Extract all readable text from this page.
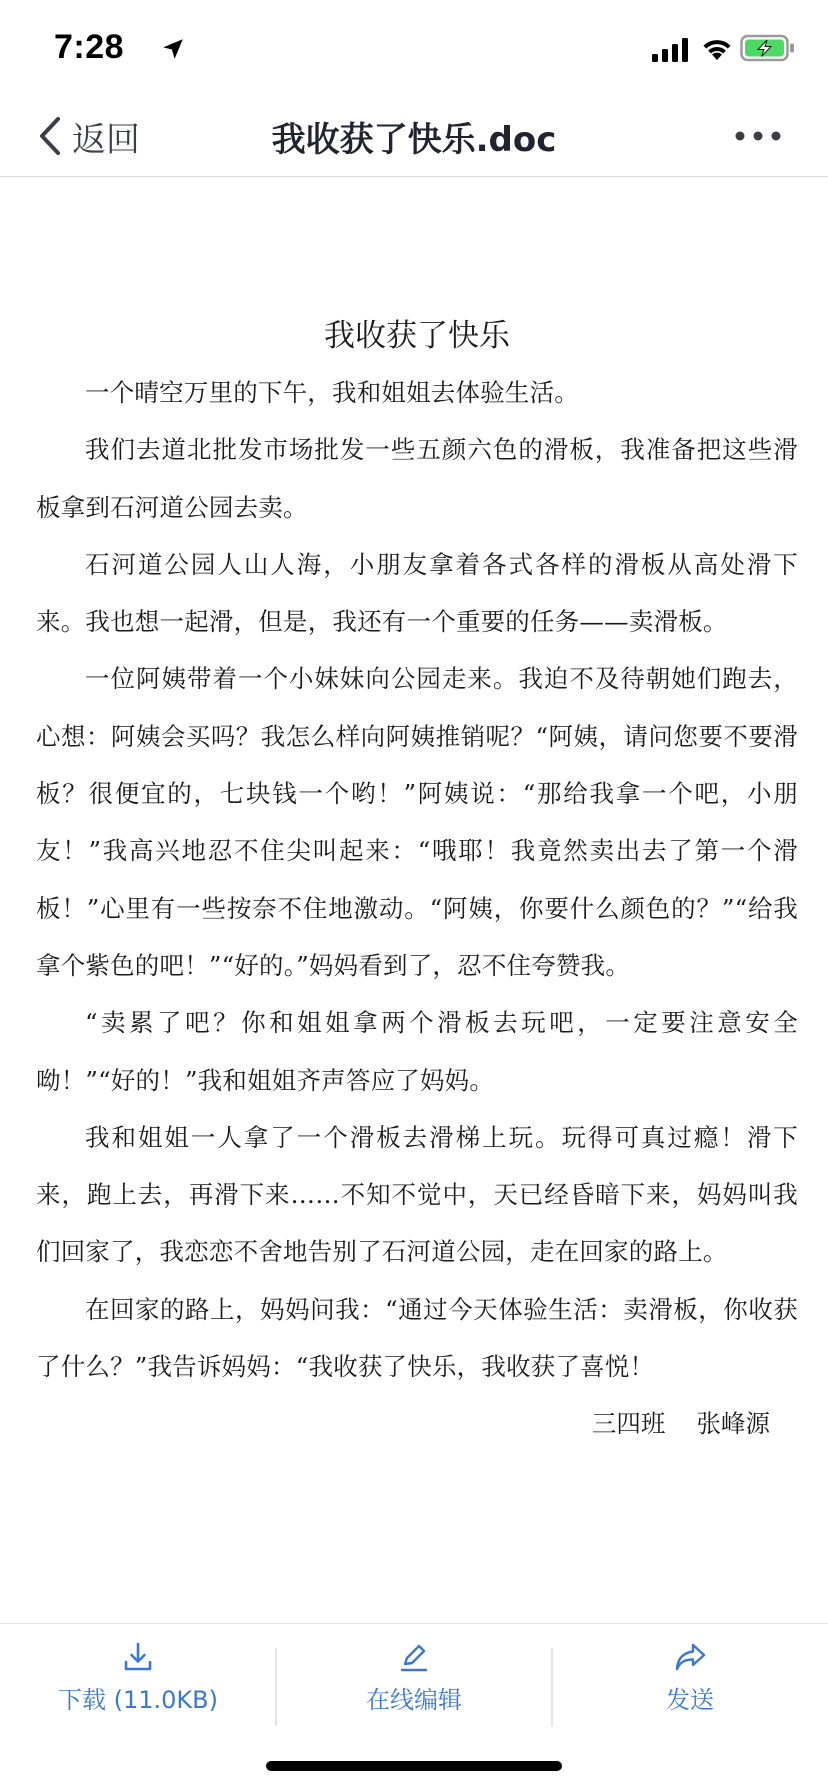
7:28
返回	我收获了快乐.doc
我收获了快乐

一个晴空万里的下午，我和姐姐去体验生活。

我们去道北批发市场批发一些五颜六色的滑板，我准备把这些滑板拿到石河道公园去卖。

石河道公园人山人海，小朋友拿着各式各样的滑板从高处滑下来。我也想一起滑，但是，我还有一个重要的任务——卖滑板。

一位阿姨带着一个小妹妹向公园走来。我迫不及待朝她们跑去，心想：阿姨会买吗？我怎么样向阿姨推销呢？“阿姨，请问您要不要滑板？很便宜的，七块钱一个哟！”阿姨说：“那给我拿一个吧，小朋友！”我高兴地忍不住尖叫起来：“哦耶！我竟然卖出去了第一个滑板！”心里有一些按奈不住地激动。“阿姨，你要什么颜色的？”“给我拿个紫色的吧！”“好的。”妈妈看到了，忍不住夸赞我。

“卖累了吧？你和姐姐拿两个滑板去玩吧，一定要注意安全呦！”“好的！”我和姐姐齐声答应了妈妈。

我和姐姐一人拿了一个滑板去滑梯上玩。玩得可真过瘾！滑下来，跑上去，再滑下来……不知不觉中，天已经昏暗下来，妈妈叫我们回家了，我恋恋不舍地告别了石河道公园，走在回家的路上。

在回家的路上，妈妈问我：“通过今天体验生活：卖滑板，你收获了什么？”我告诉妈妈：“我收获了快乐，我收获了喜悦！

三四班    张峰源
下载 (11.0KB)	在线编辑	发送
